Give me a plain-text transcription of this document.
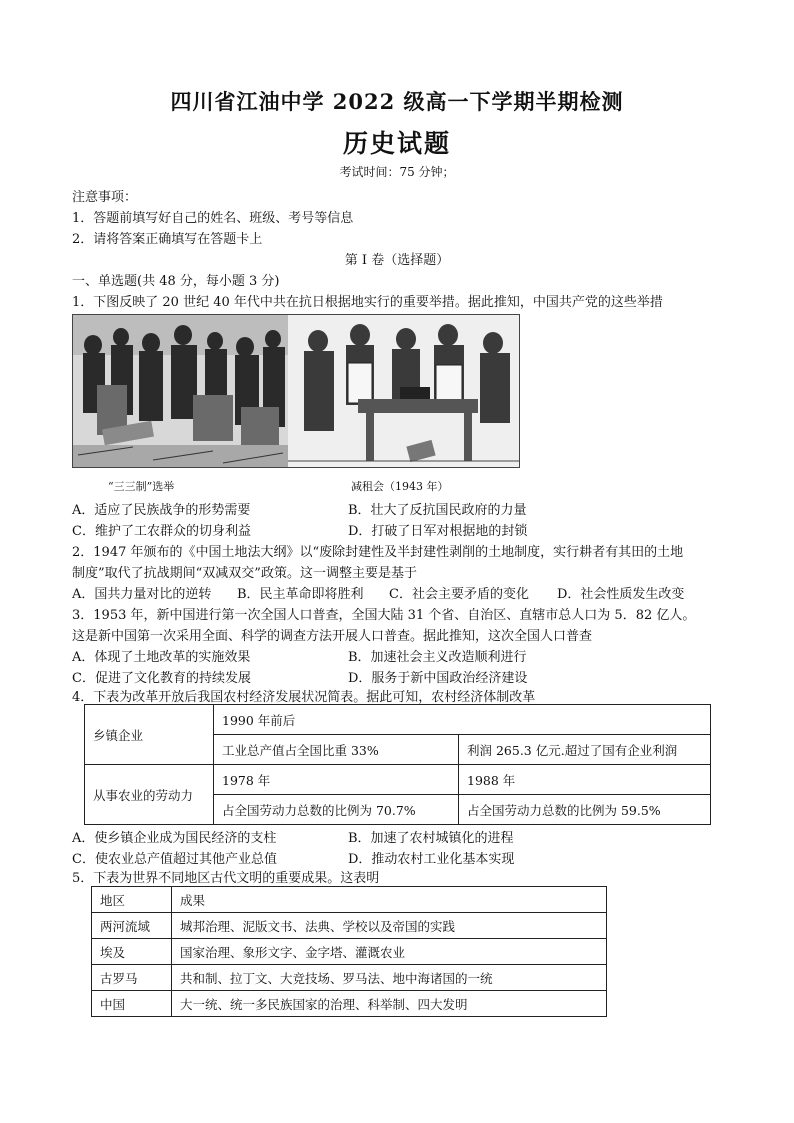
四川省江油中学 2022 级高一下学期半期检测
历史试题
考试时间：75 分钟；
注意事项：
1．答题前填写好自己的姓名、班级、考号等信息
2．请将答案正确填写在答题卡上
第 I 卷（选择题）
一、单选题(共 48 分，每小题 3 分)
1．下图反映了 20 世纪 40 年代中共在抗日根据地实行的重要举措。据此推知，中国共产党的这些举措
“三三制”选举	减租会（1943 年）
A．适应了民族战争的形势需要	B．壮大了反抗国民政府的力量
C．维护了工农群众的切身利益	D．打破了日军对根据地的封锁
2．1947 年颁布的《中国土地法大纲》以“废除封建性及半封建性剥削的土地制度，实行耕者有其田的土地
制度”取代了抗战期间“双减双交”政策。这一调整主要是基于
A．国共力量对比的逆转 B．民主革命即将胜利 C．社会主要矛盾的变化 D．社会性质发生改变
3．1953 年，新中国进行第一次全国人口普查，全国大陆 31 个省、自治区、直辖市总人口为 5．82 亿人。
这是新中国第一次采用全面、科学的调查方法开展人口普查。据此推知，这次全国人口普查
A．体现了土地改革的实施效果	B．加速社会主义改造顺利进行
C．促进了文化教育的持续发展	D．服务于新中国政治经济建设
4．下表为改革开放后我国农村经济发展状况简表。据此可知，农村经济体制改革
乡镇企业	1990 年前后	
	工业总产值占全国比重 33%	利润 265.3 亿元.超过了国有企业利润
从事农业的劳动力	1978 年	1988 年
	占全国劳动力总数的比例为 70.7%	占全国劳动力总数的比例为 59.5%
A．使乡镇企业成为国民经济的支柱	B．加速了农村城镇化的进程
C．使农业总产值超过其他产业总值	D．推动农村工业化基本实现
5．下表为世界不同地区古代文明的重要成果。这表明
地区	成果
两河流域	城邦治理、泥版文书、法典、学校以及帝国的实践
埃及	国家治理、象形文字、金字塔、灌溉农业
古罗马	共和制、拉丁文、大竞技场、罗马法、地中海诸国的一统
中国	大一统、统一多民族国家的治理、科举制、四大发明
